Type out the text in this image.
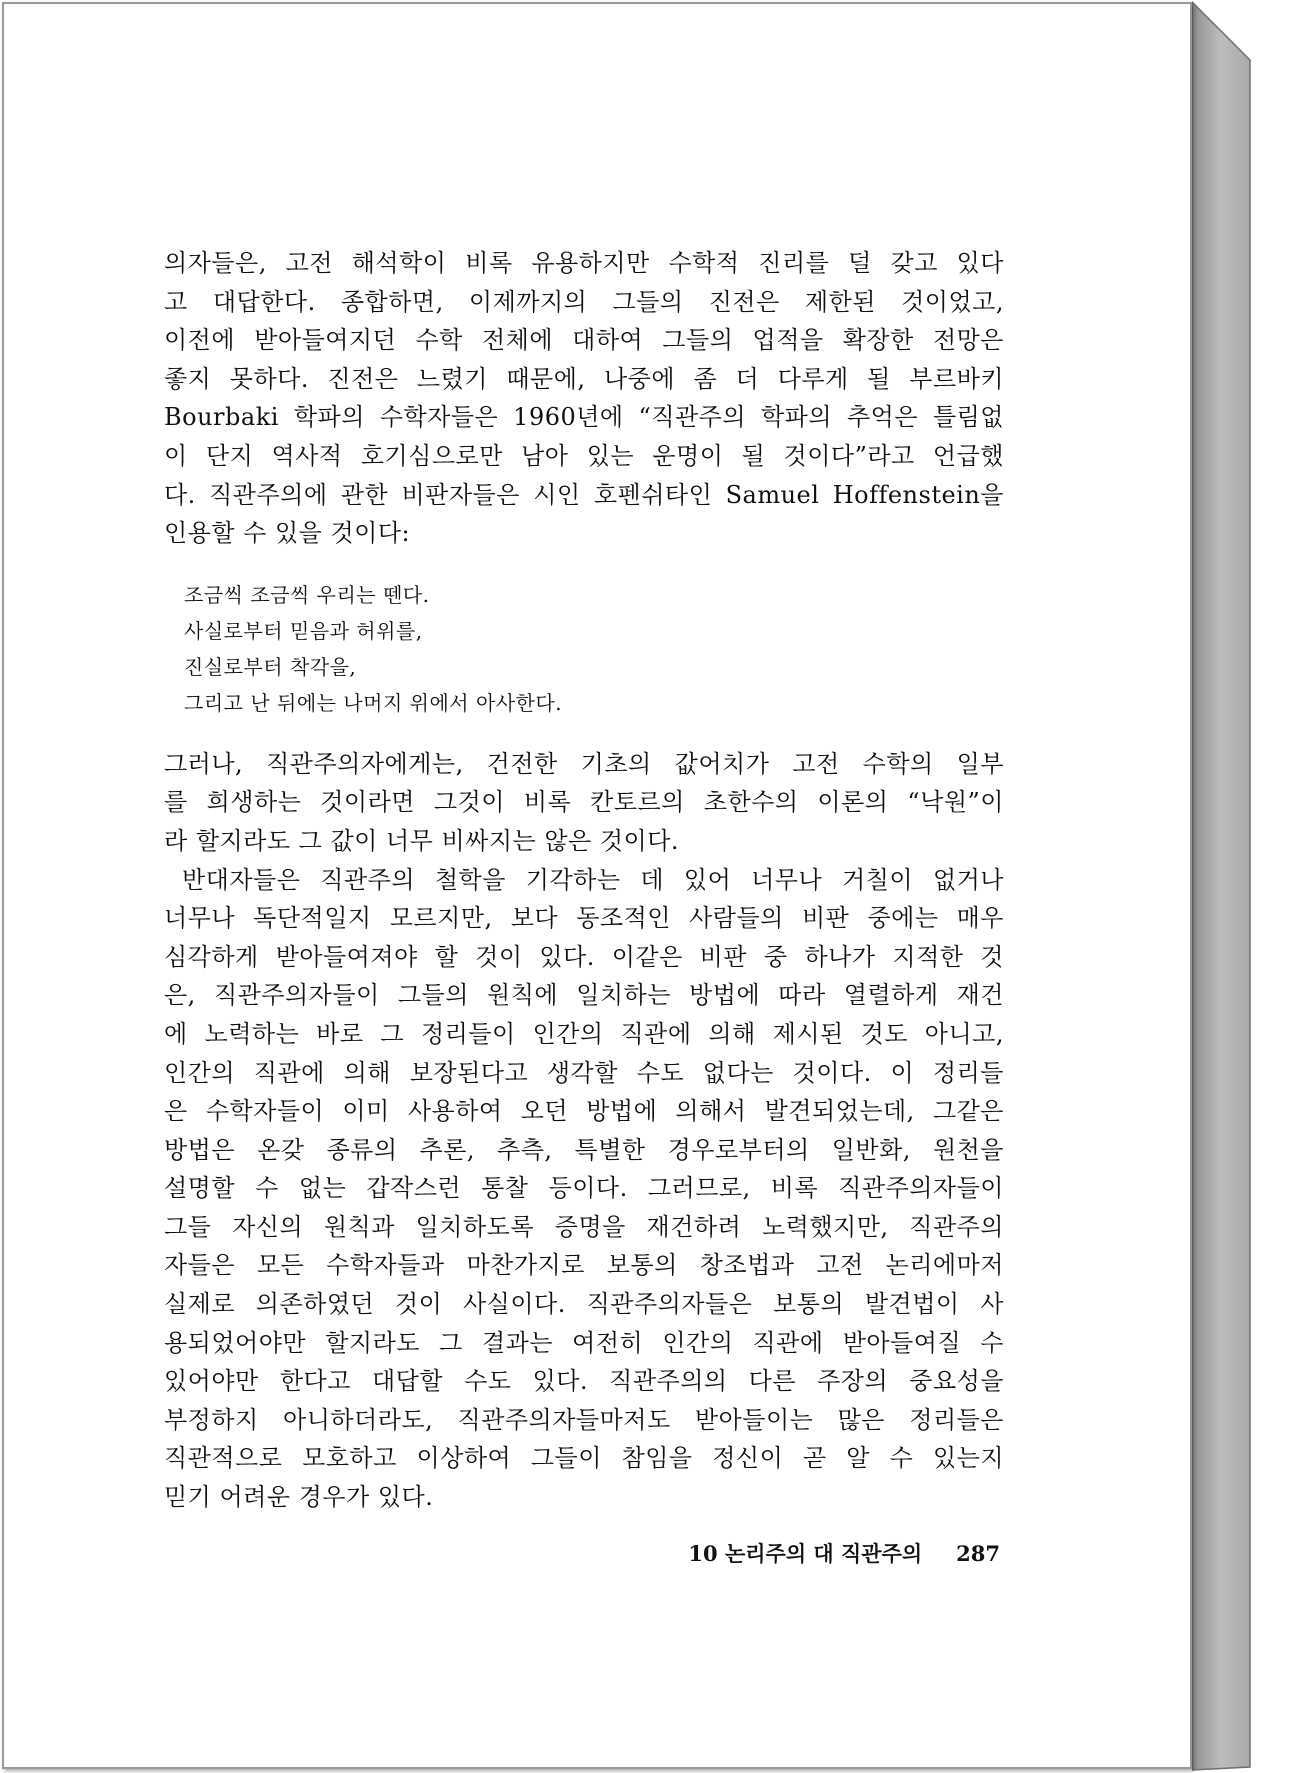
의자들은, 고전 해석학이 비록 유용하지만 수학적 진리를 덜 갖고 있다
고 대답한다. 종합하면, 이제까지의 그들의 진전은 제한된 것이었고,
이전에 받아들여지던 수학 전체에 대하여 그들의 업적을 확장한 전망은
좋지 못하다. 진전은 느렸기 때문에, 나중에 좀 더 다루게 될 부르바키
Bourbaki 학파의 수학자들은 1960년에 “직관주의 학파의 추억은 틀림없
이 단지 역사적 호기심으로만 남아 있는 운명이 될 것이다”라고 언급했
다. 직관주의에 관한 비판자들은 시인 호펜쉬타인 Samuel Hoffenstein을
인용할 수 있을 것이다:
조금씩 조금씩 우리는 뗀다.
사실로부터 믿음과 허위를,
진실로부터 착각을,
그리고 난 뒤에는 나머지 위에서 아사한다.
그러나, 직관주의자에게는, 건전한 기초의 값어치가 고전 수학의 일부
를 희생하는 것이라면 그것이 비록 칸토르의 초한수의 이론의 “낙원”이
라 할지라도 그 값이 너무 비싸지는 않은 것이다.
반대자들은 직관주의 철학을 기각하는 데 있어 너무나 거칠이 없거나
너무나 독단적일지 모르지만, 보다 동조적인 사람들의 비판 중에는 매우
심각하게 받아들여져야 할 것이 있다. 이같은 비판 중 하나가 지적한 것
은, 직관주의자들이 그들의 원칙에 일치하는 방법에 따라 열렬하게 재건
에 노력하는 바로 그 정리들이 인간의 직관에 의해 제시된 것도 아니고,
인간의 직관에 의해 보장된다고 생각할 수도 없다는 것이다. 이 정리들
은 수학자들이 이미 사용하여 오던 방법에 의해서 발견되었는데, 그같은
방법은 온갖 종류의 추론, 추측, 특별한 경우로부터의 일반화, 원천을
설명할 수 없는 갑작스런 통찰 등이다. 그러므로, 비록 직관주의자들이
그들 자신의 원칙과 일치하도록 증명을 재건하려 노력했지만, 직관주의
자들은 모든 수학자들과 마찬가지로 보통의 창조법과 고전 논리에마저
실제로 의존하였던 것이 사실이다. 직관주의자들은 보통의 발견법이 사
용되었어야만 할지라도 그 결과는 여전히 인간의 직관에 받아들여질 수
있어야만 한다고 대답할 수도 있다. 직관주의의 다른 주장의 중요성을
부정하지 아니하더라도, 직관주의자들마저도 받아들이는 많은 정리들은
직관적으로 모호하고 이상하여 그들이 참임을 정신이 곧 알 수 있는지
믿기 어려운 경우가 있다.
10 논리주의 대 직관주의 287
